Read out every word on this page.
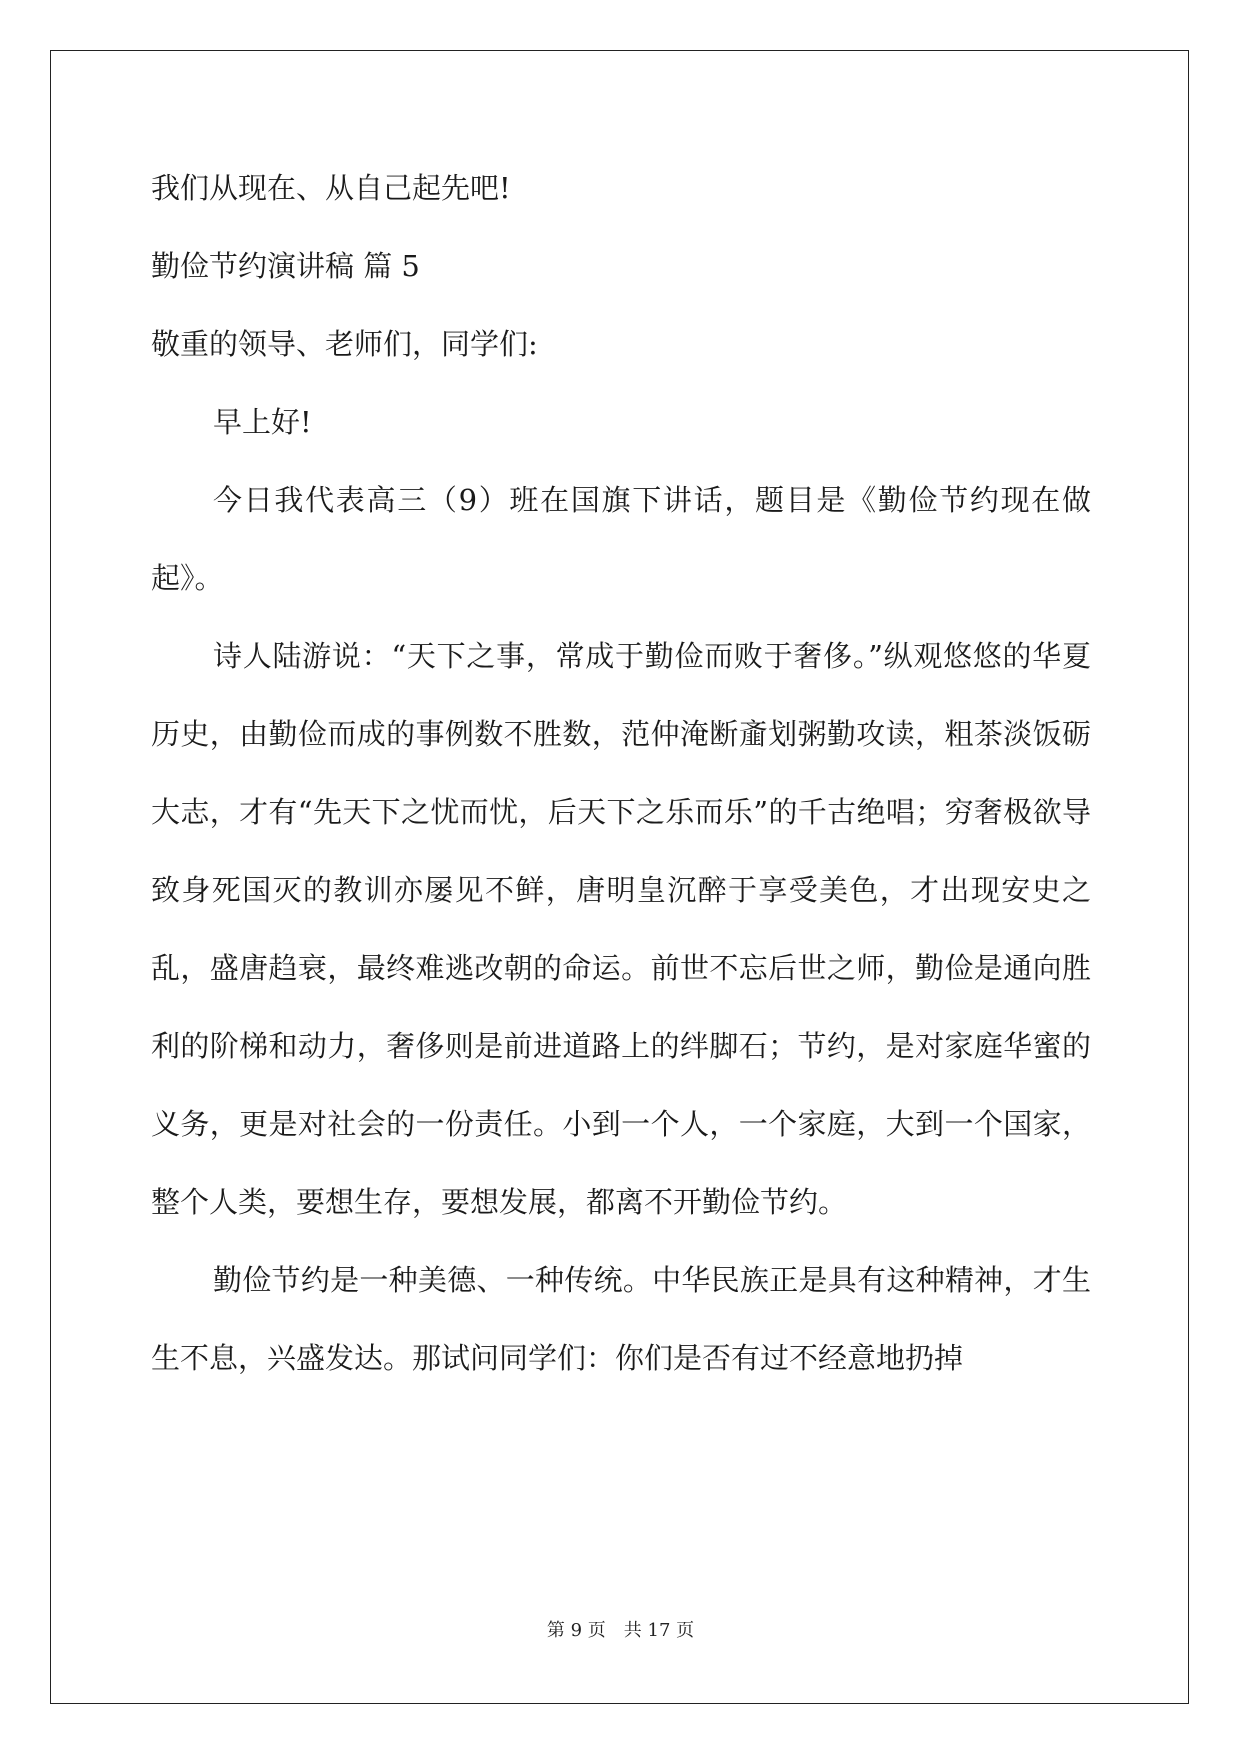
我们从现在、从自己起先吧!
勤俭节约演讲稿 篇 5
敬重的领导、老师们，同学们:
早上好!
今日我代表高三（9）班在国旗下讲话，题目是《勤俭节约现在做起》。
诗人陆游说：“天下之事，常成于勤俭而败于奢侈。”纵观悠悠的华夏历史，由勤俭而成的事例数不胜数，范仲淹断齑划粥勤攻读，粗茶淡饭砺大志，才有“先天下之忧而忧，后天下之乐而乐”的千古绝唱；穷奢极欲导致身死国灭的教训亦屡见不鲜，唐明皇沉醉于享受美色，才出现安史之乱，盛唐趋衰，最终难逃改朝的命运。前世不忘后世之师，勤俭是通向胜利的阶梯和动力，奢侈则是前进道路上的绊脚石；节约，是对家庭华蜜的义务，更是对社会的一份责任。小到一个人，一个家庭，大到一个国家，整个人类，要想生存，要想发展，都离不开勤俭节约。
勤俭节约是一种美德、一种传统。中华民族正是具有这种精神，才生生不息，兴盛发达。那试问同学们：你们是否有过不经意地扔掉
第 9 页　共 17 页
